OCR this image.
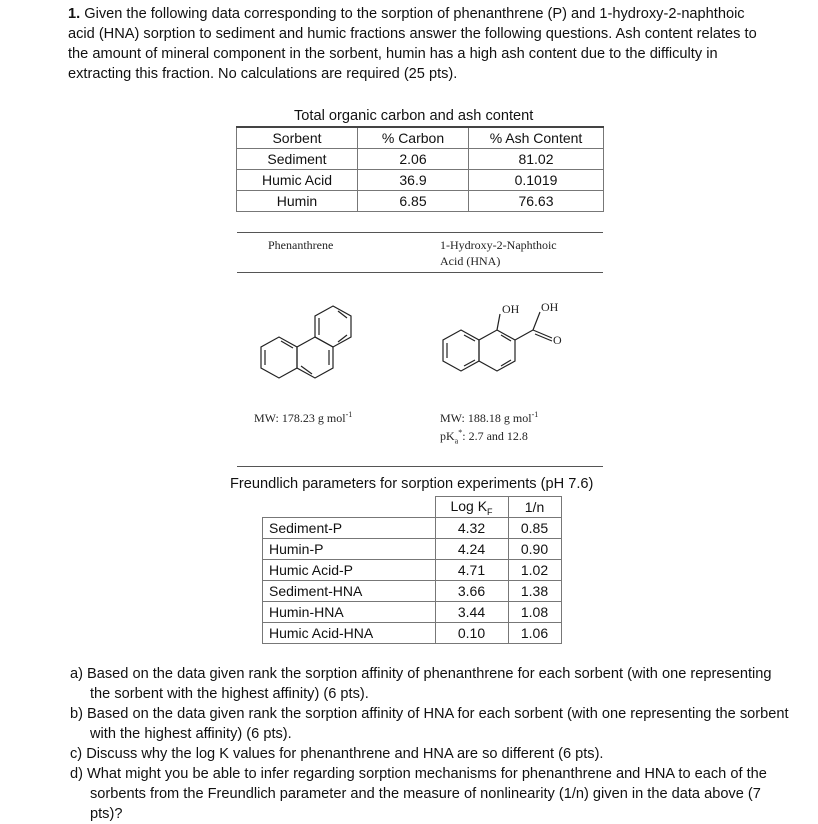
1. Given the following data corresponding to the sorption of phenanthrene (P) and 1-hydroxy-2-naphthoic acid (HNA) sorption to sediment and humic fractions answer the following questions. Ash content relates to the amount of mineral component in the sorbent, humin has a high ash content due to the difficulty in extracting this fraction. No calculations are required (25 pts).
Total organic carbon and ash content
Sorbent	% Carbon	% Ash Content
Sediment	2.06	81.02
Humic Acid	36.9	0.1019
Humin	6.85	76.63
Phenanthrene	1-Hydroxy-2-Naphthoic
Acid (HNA)
OH OH
O
MW: 178.23 g mol$^{-1}$	MW: 188.18 g mol$^{-1}$
$pK_a^*$: 2.7 and 12.8
Freundlich parameters for sorption experiments (pH 7.6)
	Log $K_F$	1/n
Sediment-P	4.32	0.85
Humin-P	4.24	0.90
Humic Acid-P	4.71	1.02
Sediment-HNA	3.66	1.38
Humin-HNA	3.44	1.08
Humic Acid-HNA	0.10	1.06
a) Based on the data given rank the sorption affinity of phenanthrene for each sorbent (with one representing the sorbent with the highest affinity) (6 pts).
b) Based on the data given rank the sorption affinity of HNA for each sorbent (with one representing the sorbent with the highest affinity) (6 pts).
c) Discuss why the log K values for phenanthrene and HNA are so different (6 pts).
d) What might you be able to infer regarding sorption mechanisms for phenanthrene and HNA to each of the sorbents from the Freundlich parameter and the measure of nonlinearity (1/n) given in the data above (7 pts)?
